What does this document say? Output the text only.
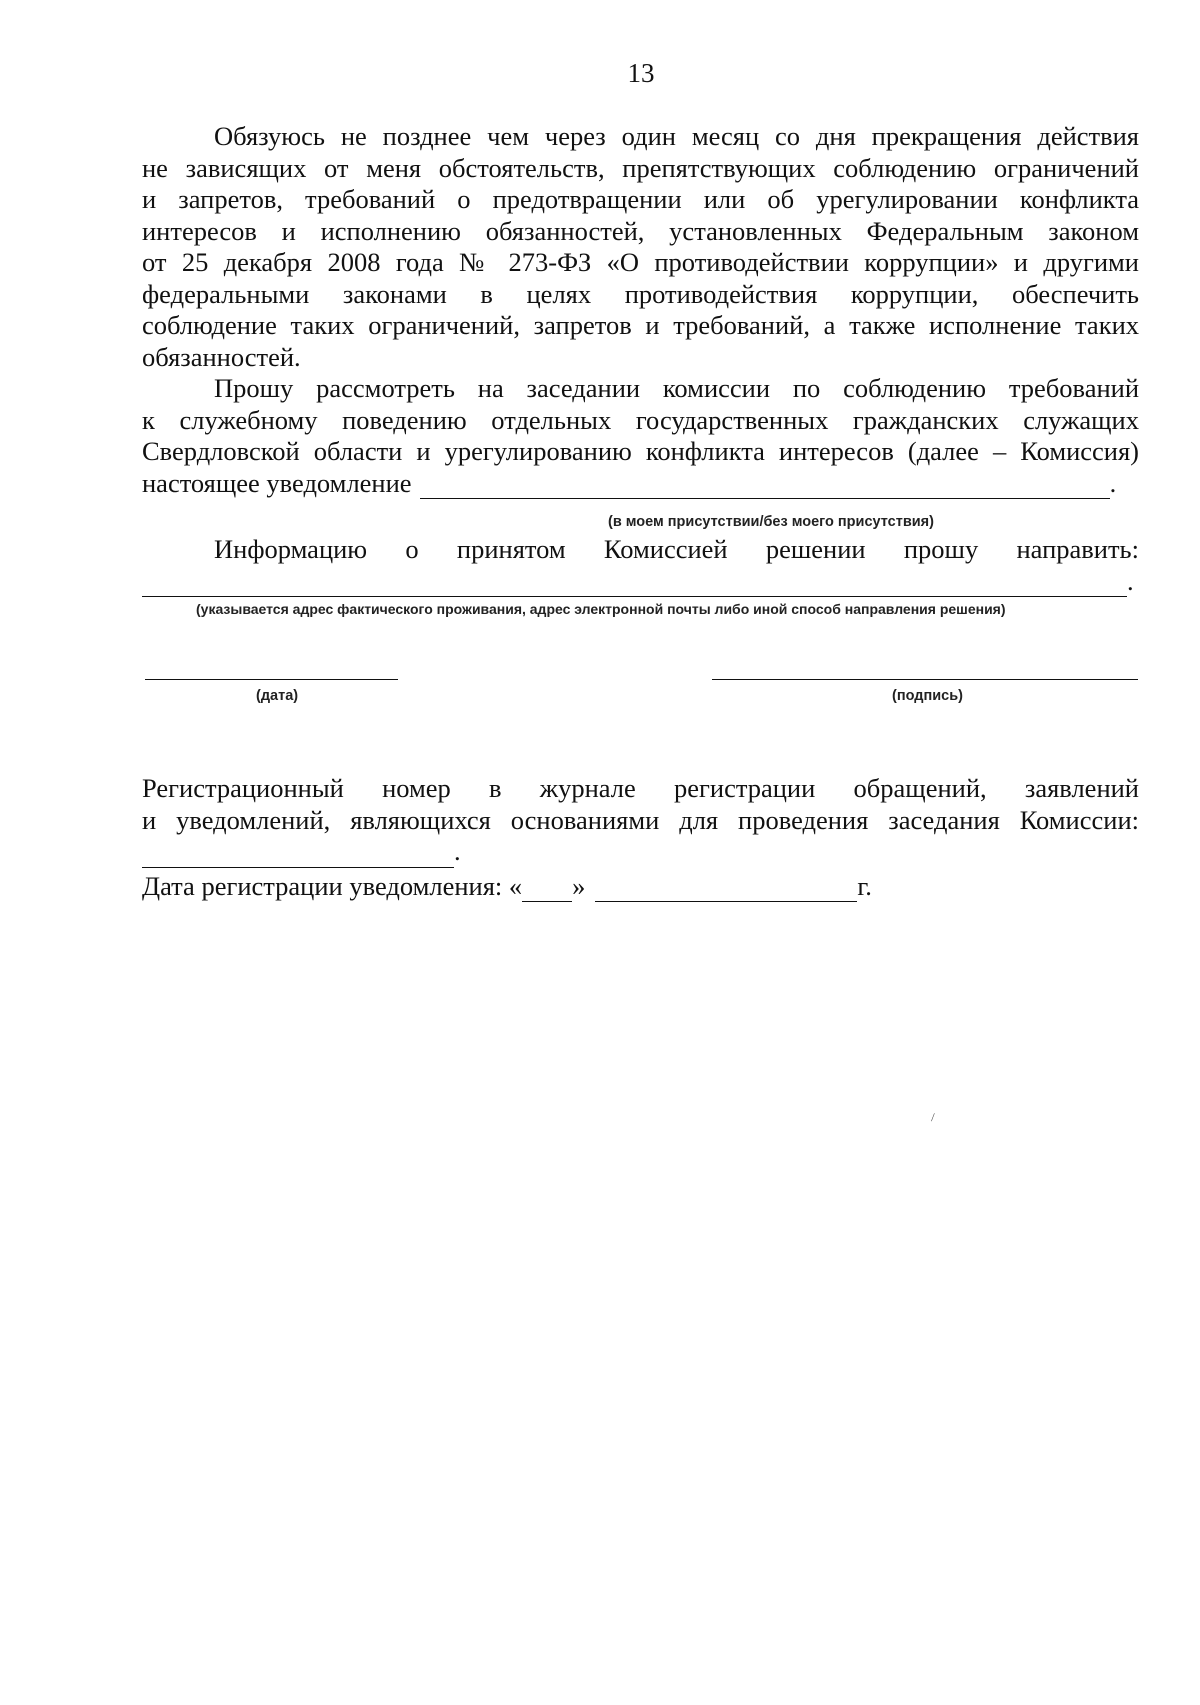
13
Обязуюсь не позднее чем через один месяц со дня прекращения действия
не зависящих от меня обстоятельств, препятствующих соблюдению ограничений
и запретов, требований о предотвращении или об урегулировании конфликта
интересов и исполнению обязанностей, установленных Федеральным законом
от 25 декабря 2008 года № 273-ФЗ «О противодействии коррупции» и другими
федеральными законами в целях противодействия коррупции, обеспечить
соблюдение таких ограничений, запретов и требований, а также исполнение таких
обязанностей.
Прошу рассмотреть на заседании комиссии по соблюдению требований
к служебному поведению отдельных государственных гражданских служащих
Свердловской области и урегулированию конфликта интересов (далее – Комиссия)
настоящее уведомление	.
(в моем присутствии/без моего присутствия)
Информацию о принятом Комиссией решении прошу направить:
.
(указывается адрес фактического проживания, адрес электронной почты либо иной способ направления решения)
(дата)	(подпись)
Регистрационный номер в журнале регистрации обращений, заявлений
и уведомлений, являющихся основаниями для проведения заседания Комиссии:
.
Дата регистрации уведомления: « »	г.
\
